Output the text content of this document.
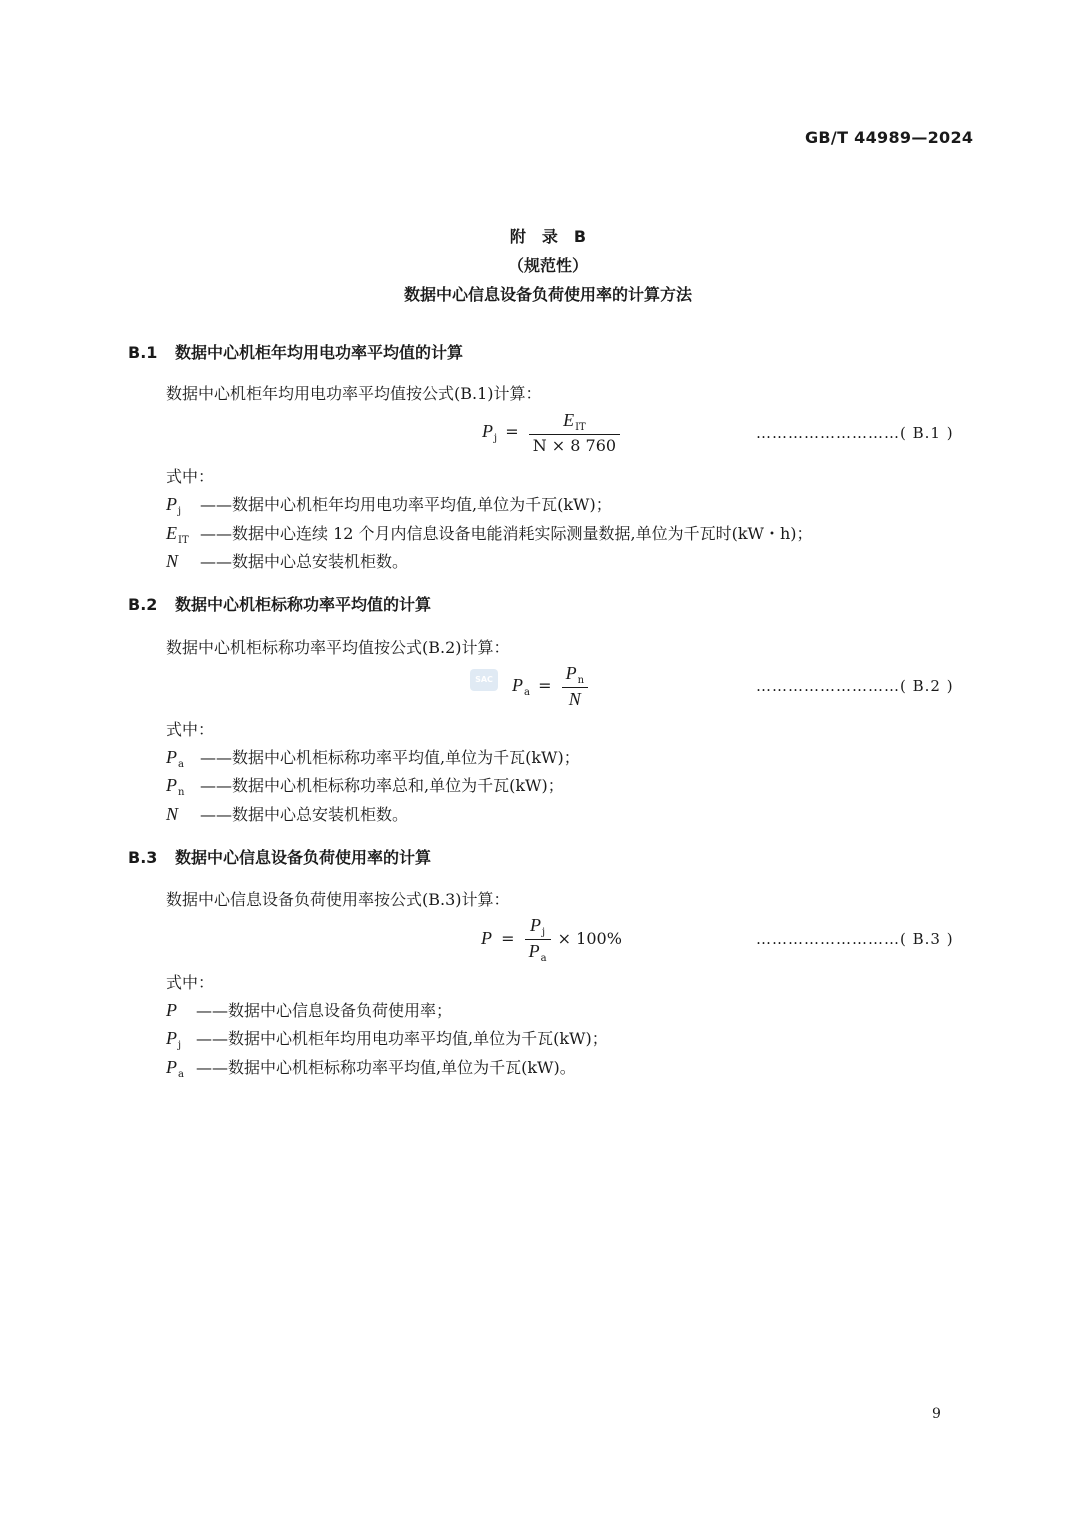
GB/T 44989—2024
附　录　B
（规范性）
数据中心信息设备负荷使用率的计算方法
B.1 数据中心机柜年均用电功率平均值的计算
数据中心机柜年均用电功率平均值按公式(B.1)计算：
$P_j = \frac{E_{IT}}{N \times 8 760}$	………………………( B.1 )
式中：
$P_j$ ——数据中心机柜年均用电功率平均值,单位为千瓦(kW)；
$E_{IT}$ ——数据中心连续 12 个月内信息设备电能消耗实际测量数据,单位为千瓦时(kW・h)；
N ——数据中心总安装机柜数。
B.2 数据中心机柜标称功率平均值的计算
数据中心机柜标称功率平均值按公式(B.2)计算：
SAC $P_a = \frac{P_n}{N}$	………………………( B.2 )
式中：
$P_a$ ——数据中心机柜标称功率平均值,单位为千瓦(kW)；
$P_n$ ——数据中心机柜标称功率总和,单位为千瓦(kW)；
N ——数据中心总安装机柜数。
B.3 数据中心信息设备负荷使用率的计算
数据中心信息设备负荷使用率按公式(B.3)计算：
$P = \frac{P_j}{P_a} \times 100\%$	………………………( B.3 )
式中：
P ——数据中心信息设备负荷使用率；
$P_j$ ——数据中心机柜年均用电功率平均值,单位为千瓦(kW)；
$P_a$ ——数据中心机柜标称功率平均值,单位为千瓦(kW)。
9
